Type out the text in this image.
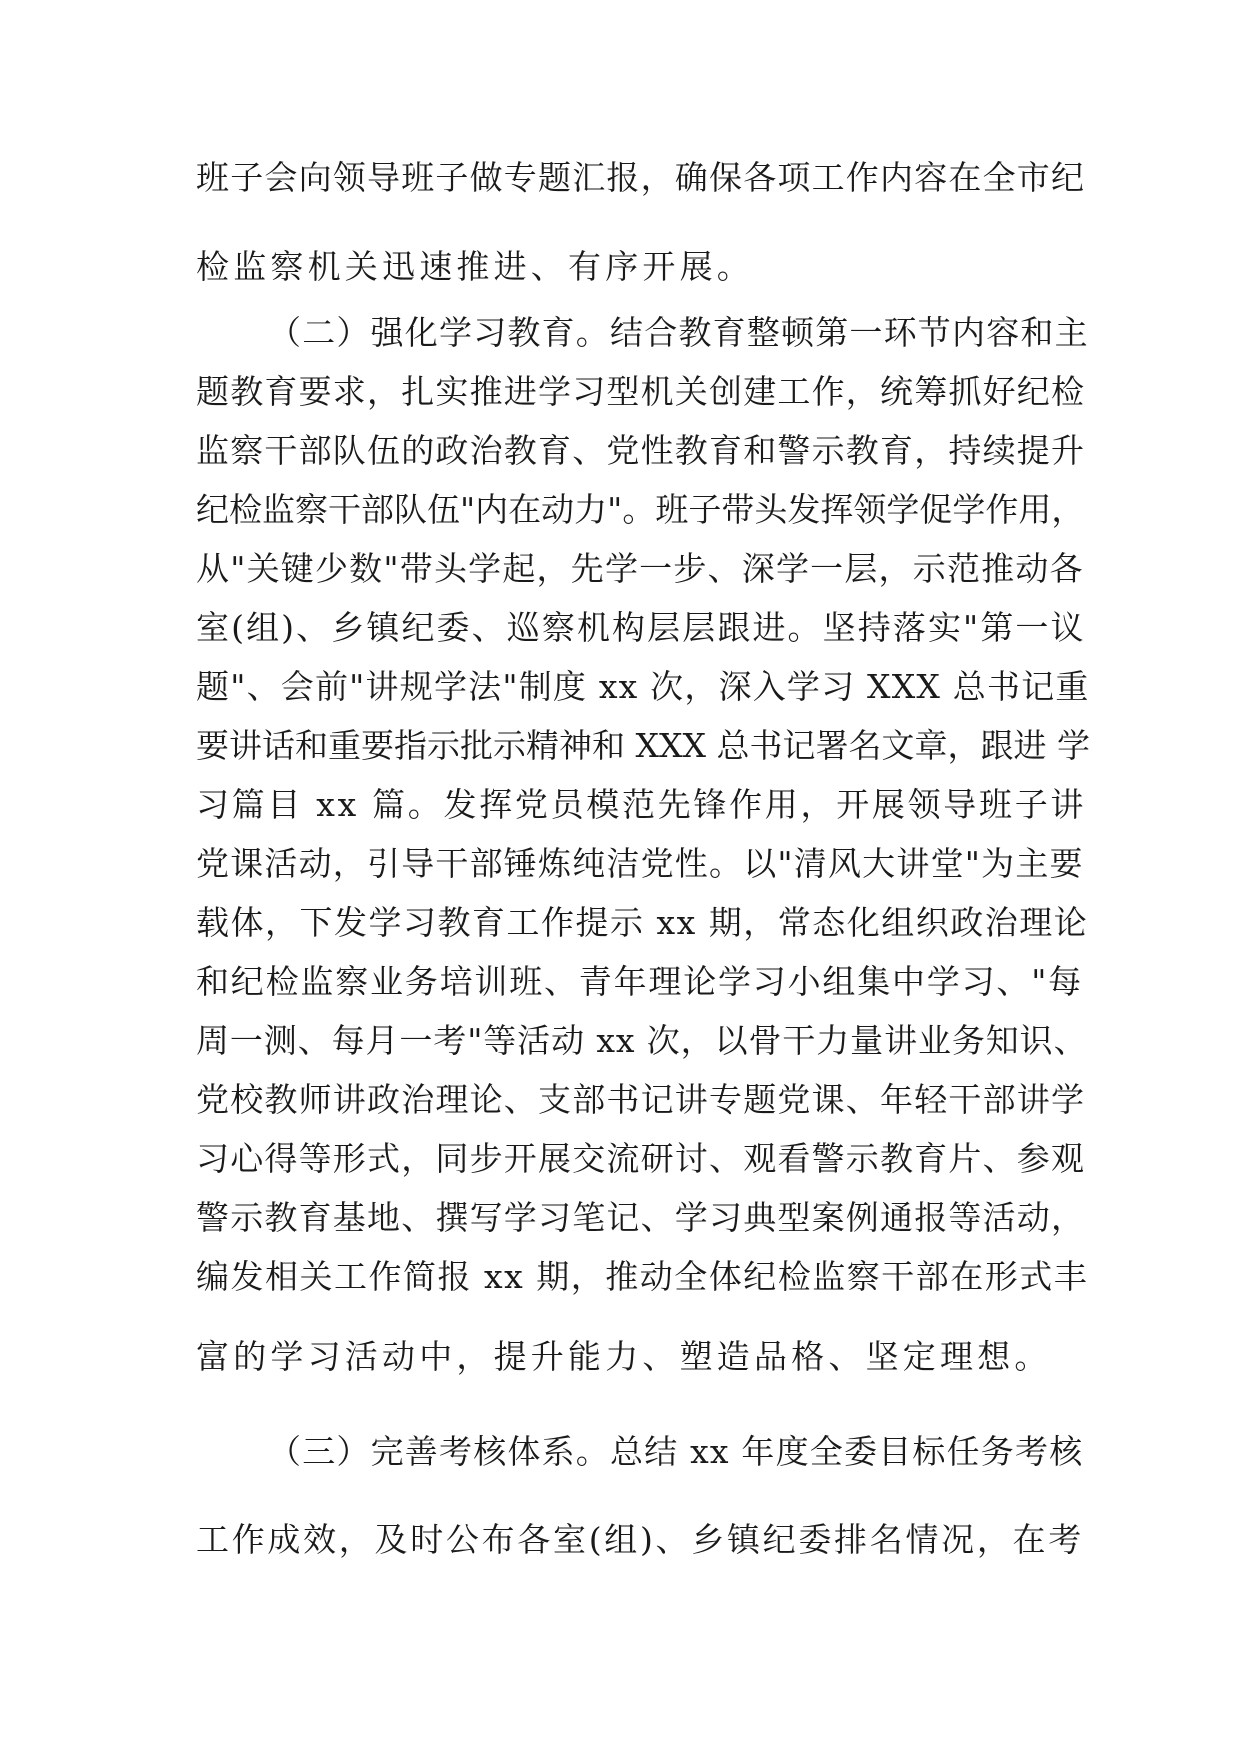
班子会向领导班子做专题汇报，确保各项工作内容在全市纪
检监察机关迅速推进、有序开展。
（二）强化学习教育。结合教育整顿第一环节内容和主
题教育要求，扎实推进学习型机关创建工作，统筹抓好纪检
监察干部队伍的政治教育、党性教育和警示教育，持续提升
纪检监察干部队伍"内在动力"。班子带头发挥领学促学作用，
从"关键少数"带头学起，先学一步、深学一层，示范推动各
室(组)、乡镇纪委、巡察机构层层跟进。坚持落实"第一议
题"、会前"讲规学法"制度 xx 次，深入学习 XXX 总书记重
要讲话和重要指示批示精神和 XXX 总书记署名文章，跟进 学
习篇目 xx 篇。发挥党员模范先锋作用，开展领导班子讲
党课活动，引导干部锤炼纯洁党性。以"清风大讲堂"为主要
载体，下发学习教育工作提示 xx 期，常态化组织政治理论
和纪检监察业务培训班、青年理论学习小组集中学习、"每
周一测、每月一考"等活动 xx 次，以骨干力量讲业务知识、
党校教师讲政治理论、支部书记讲专题党课、年轻干部讲学
习心得等形式，同步开展交流研讨、观看警示教育片、参观
警示教育基地、撰写学习笔记、学习典型案例通报等活动，
编发相关工作简报 xx 期，推动全体纪检监察干部在形式丰
富的学习活动中，提升能力、塑造品格、坚定理想。
（三）完善考核体系。总结 xx 年度全委目标任务考核
工作成效，及时公布各室(组)、乡镇纪委排名情况，在考
